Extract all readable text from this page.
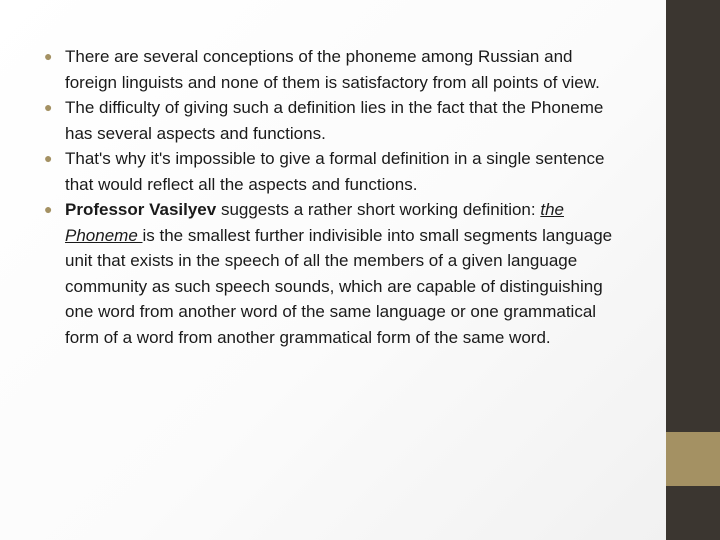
● There are several conceptions of the phoneme among Russian and foreign linguists and none of them is satisfactory from all points of view.
● The difficulty of giving such a definition lies in the fact that the Phoneme has several aspects and functions.
● That's why it's impossible to give a formal definition in a single sentence that would reflect all the aspects and functions.
● Professor Vasilyev suggests a rather short working definition: the Phoneme is the smallest further indivisible into small segments language unit that exists in the speech of all the members of a given language community as such speech sounds, which are capable of distinguishing one word from another word of the same language or one grammatical form of a word from another grammatical form of the same word.
